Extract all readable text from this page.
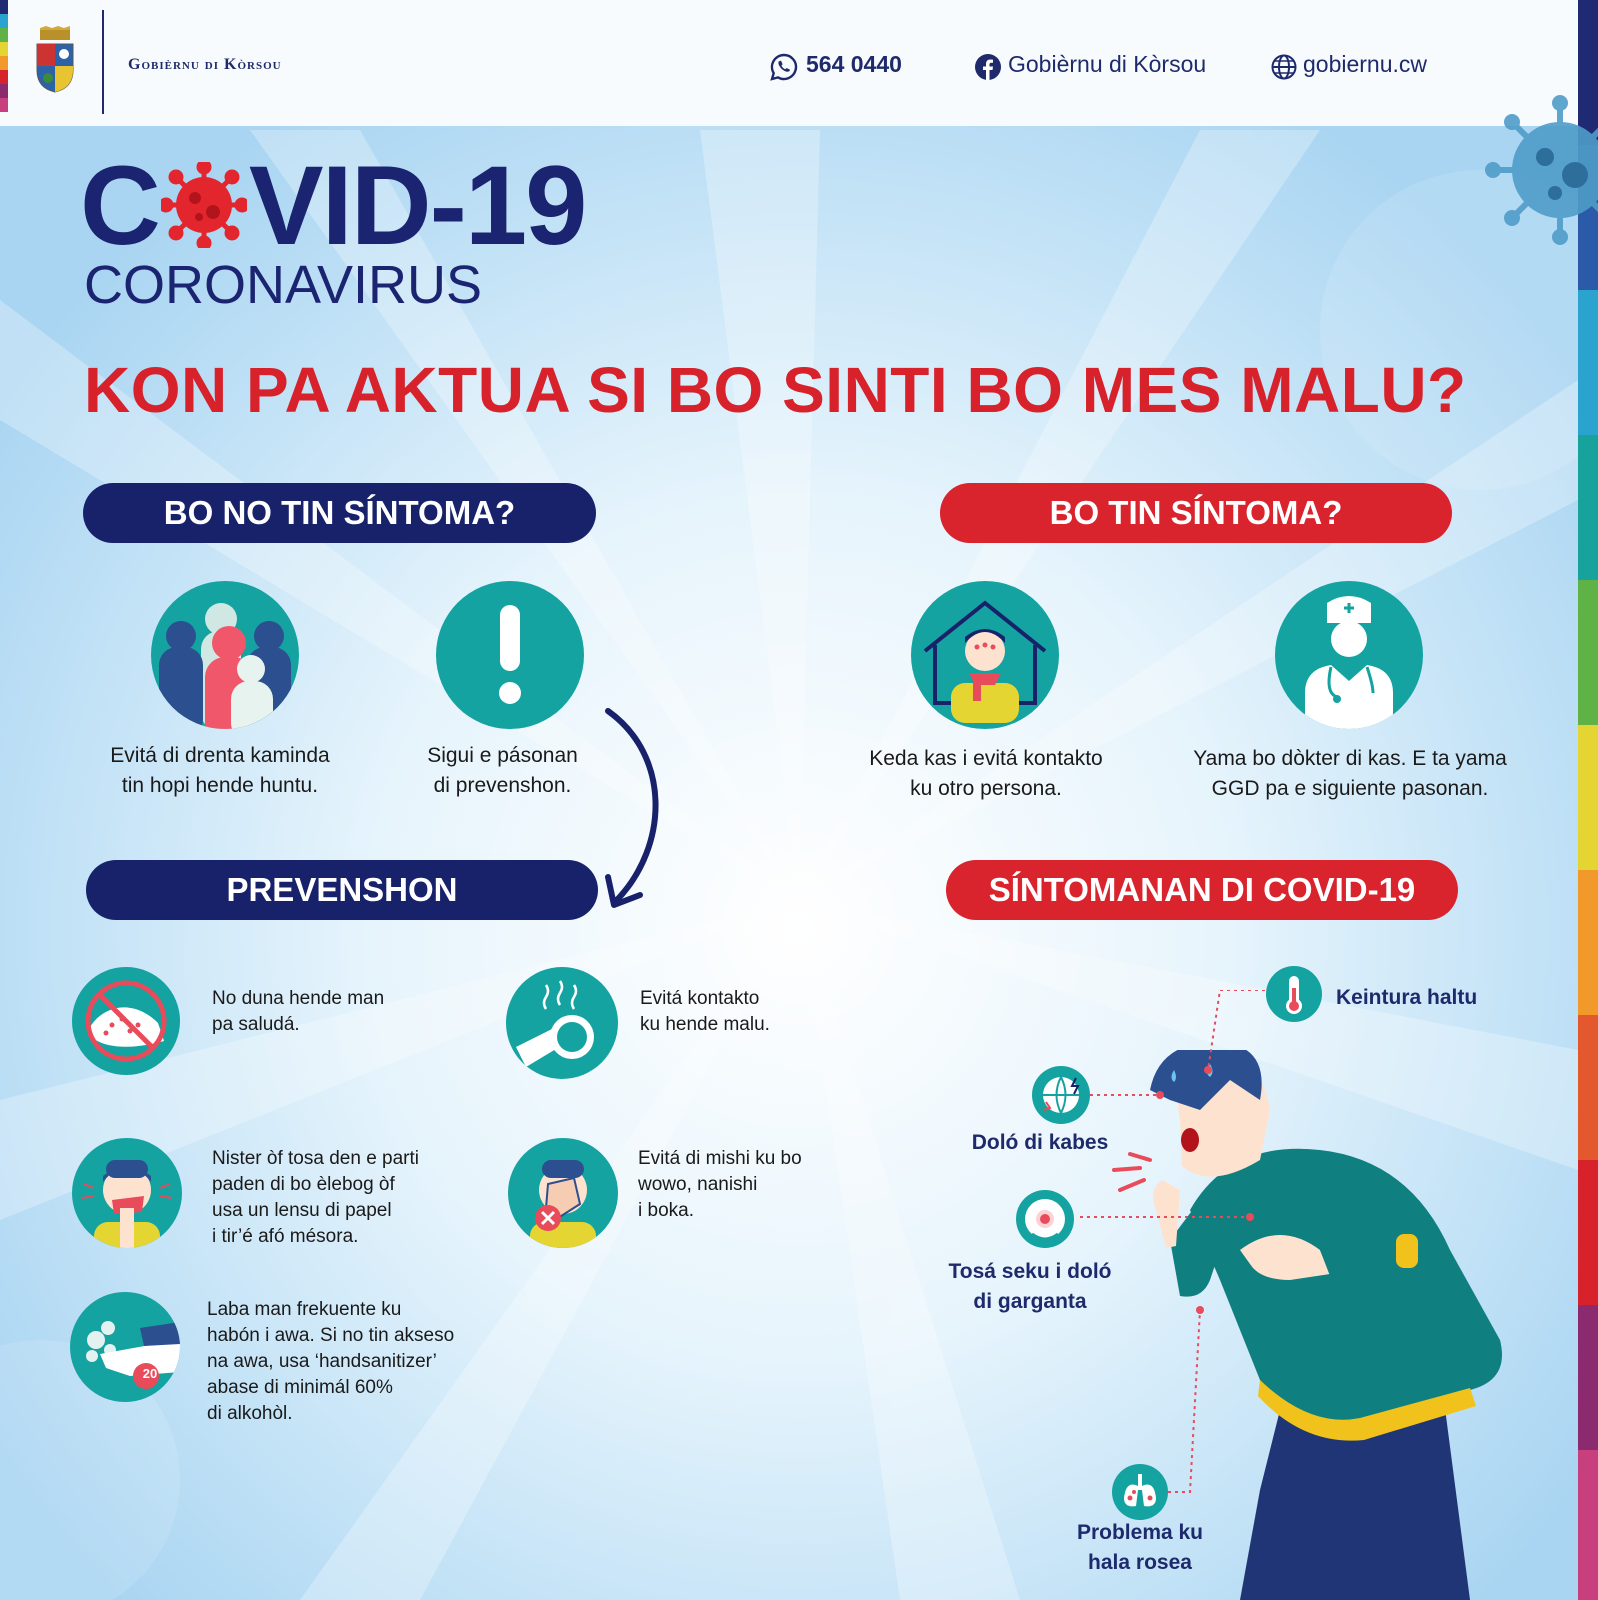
Gobièrnu di Kòrsou	564 0440	Gobièrnu di Kòrsou	gobiernu.cw
C VID-19
CORONAVIRUS
KON PA AKTUA SI BO SINTI BO MES MALU?
BO NO TIN SÍNTOMA?
Evitá di drenta kaminda
tin hopi hende huntu.
Sigui e pásonan
di prevenshon.
PREVENSHON
No duna hende man
pa saludá.
Evitá kontakto
ku hende malu.
Nister òf tosa den e parti
paden di bo èlebog òf
usa un lensu di papel
i tir’é afó mésora.
Evitá di mishi ku bo
wowo, nanishi
i boka.
20
Laba man frekuente ku
habón i awa. Si no tin akseso
na awa, usa ‘handsanitizer’
abase di minimál 60%
di alkohòl.
BO TIN SÍNTOMA?
Keda kas i evitá kontakto
ku otro persona.
Yama bo dòkter di kas. E ta yama
GGD pa e siguiente pasonan.
SÍNTOMANAN DI COVID-19
Keintura haltu
Doló di kabes
Tosá seku i doló
di garganta
Problema ku
hala rosea
